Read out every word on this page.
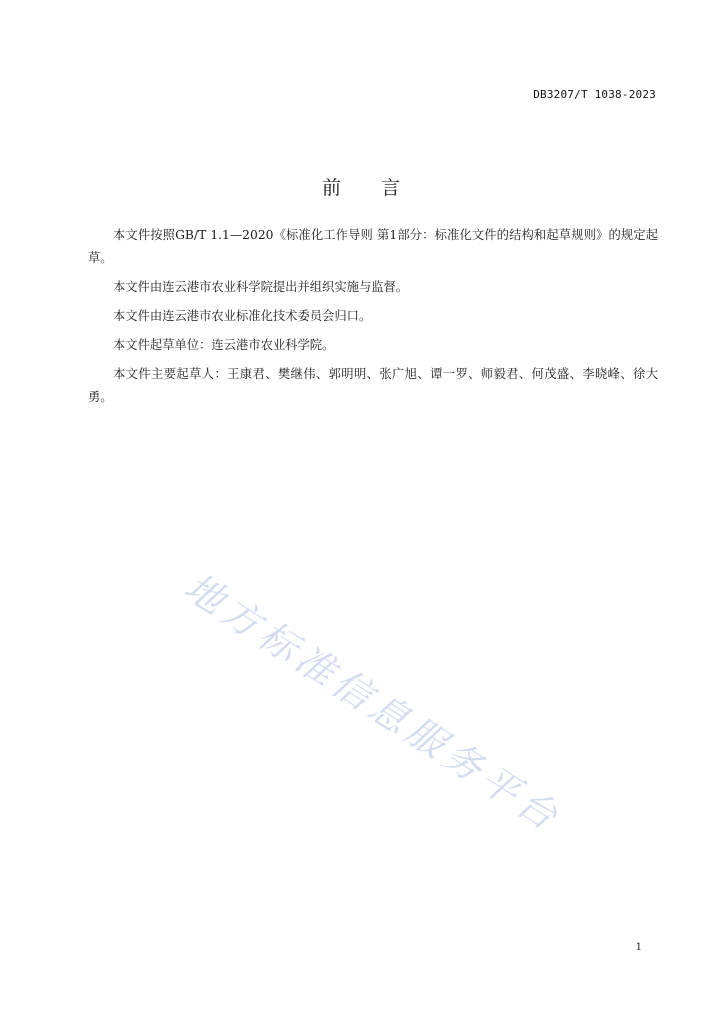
DB3207/T 1038-2023
前 言

本文件按照GB/T 1.1—2020《标准化工作导则 第1部分：标准化文件的结构和起草规则》的规定起草。

本文件由连云港市农业科学院提出并组织实施与监督。

本文件由连云港市农业标准化技术委员会归口。

本文件起草单位：连云港市农业科学院。

本文件主要起草人：王康君、樊继伟、郭明明、张广旭、谭一罗、师毅君、何茂盛、李晓峰、徐大勇。

地方标准信息服务平台
1
